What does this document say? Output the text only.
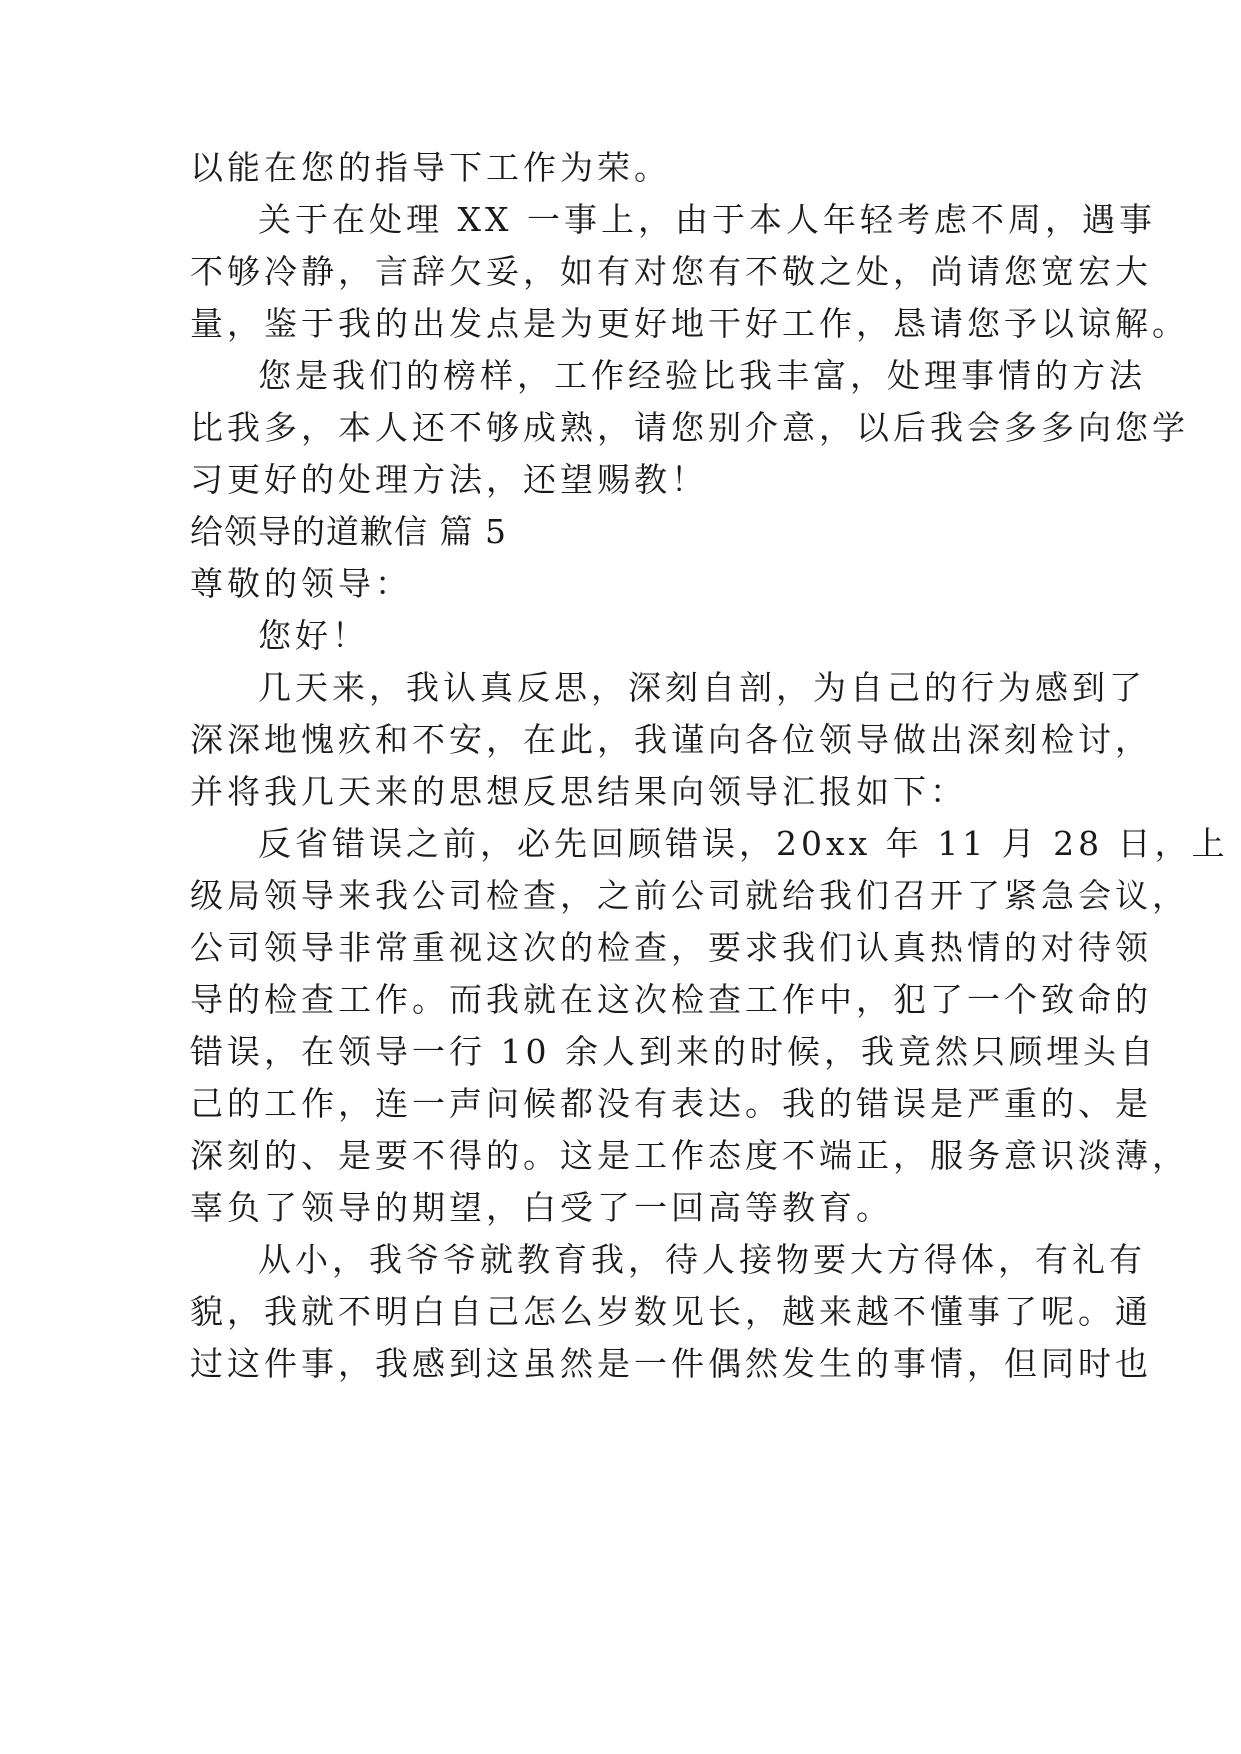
以能在您的指导下工作为荣。
关于在处理 XX 一事上，由于本人年轻考虑不周，遇事
不够冷静，言辞欠妥，如有对您有不敬之处，尚请您宽宏大
量，鉴于我的出发点是为更好地干好工作，恳请您予以谅解。
您是我们的榜样，工作经验比我丰富，处理事情的方法
比我多，本人还不够成熟，请您别介意，以后我会多多向您学
习更好的处理方法，还望赐教！
给领导的道歉信 篇 5
尊敬的领导：
您好！
几天来，我认真反思，深刻自剖，为自己的行为感到了
深深地愧疚和不安，在此，我谨向各位领导做出深刻检讨，
并将我几天来的思想反思结果向领导汇报如下：
反省错误之前，必先回顾错误，20xx 年 11 月 28 日，上
级局领导来我公司检查，之前公司就给我们召开了紧急会议，
公司领导非常重视这次的检查，要求我们认真热情的对待领
导的检查工作。而我就在这次检查工作中，犯了一个致命的
错误，在领导一行 10 余人到来的时候，我竟然只顾埋头自
己的工作，连一声问候都没有表达。我的错误是严重的、是
深刻的、是要不得的。这是工作态度不端正，服务意识淡薄，
辜负了领导的期望，白受了一回高等教育。
从小，我爷爷就教育我，待人接物要大方得体，有礼有
貌，我就不明白自己怎么岁数见长，越来越不懂事了呢。通
过这件事，我感到这虽然是一件偶然发生的事情，但同时也
